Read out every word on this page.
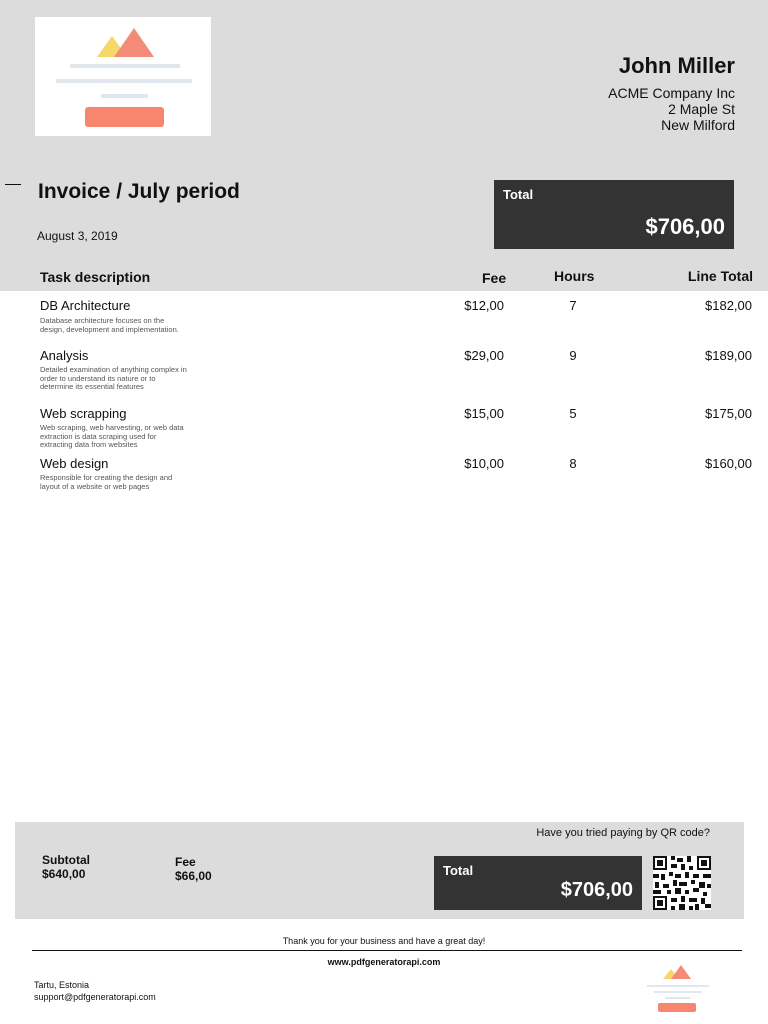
John Miller
ACME Company Inc
2 Maple St
New Milford
Invoice / July period
August 3, 2019
Total
$706,00
Task description	Fee	Hours	Line Total
DB Architecture
Database architecture focuses on the design, development and implementation.
$12,00	7	$182,00
Analysis
Detailed examination of anything complex in order to understand its nature or to determine its essential features
$29,00	9	$189,00
Web scrapping
Web scraping, web harvesting, or web data extraction is data scraping used for extracting data from websites
$15,00	5	$175,00
Web design
Responsible for creating the design and layout of a website or web pages
$10,00	8	$160,00
Have you tried paying by QR code?
Subtotal
$640,00
Fee
$66,00	Total
$706,00
Thank you for your business and have a great day!
www.pdfgeneratorapi.com
Tartu, Estonia
support@pdfgeneratorapi.com
